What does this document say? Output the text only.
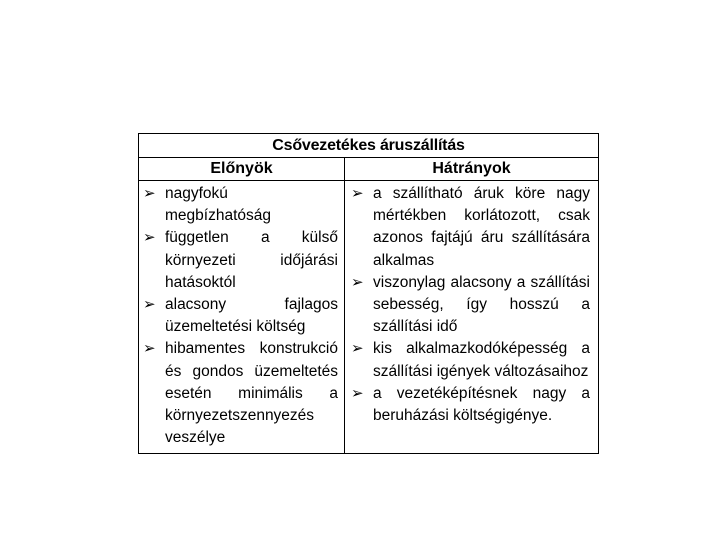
Csővezetékes áruszállítás
Előnyök	Hátrányok
➢ nagyfokú megbízhatóság
➢ független a külső környezeti időjárási hatásoktól
➢ alacsony fajlagos üzemeltetési költség
➢ hibamentes konstrukció és gondos üzemeltetés esetén minimális a környezetszennyezés veszélye
➢ a szállítható áruk köre nagy mértékben korlátozott, csak azonos fajtájú áru szállítására alkalmas
➢ viszonylag alacsony a szállítási sebesség, így hosszú a szállítási idő
➢ kis alkalmazkodóképesség a szállítási igények változásaihoz
➢ a vezetéképítésnek nagy a beruházási költségigénye.
